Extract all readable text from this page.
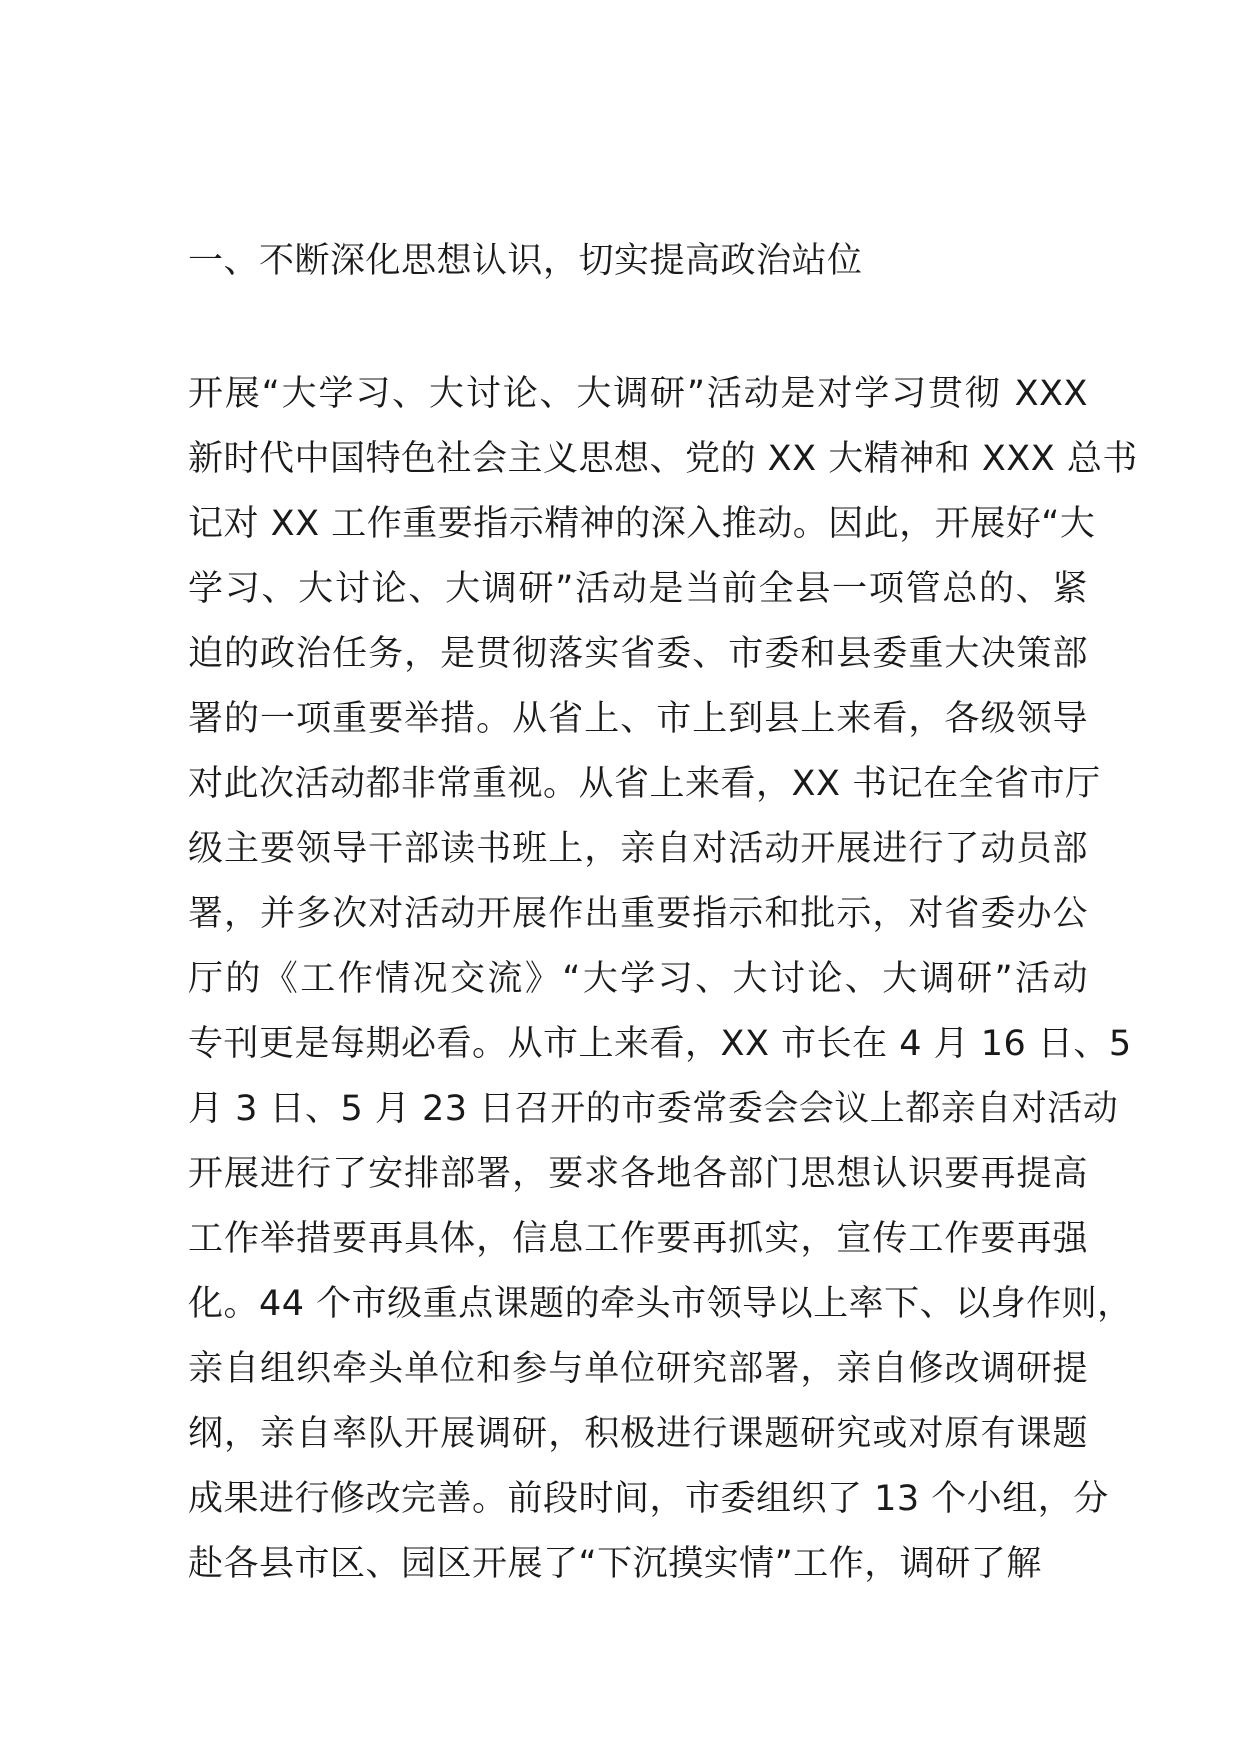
一、不断深化思想认识，切实提高政治站位
开展“大学习、大讨论、大调研”活动是对学习贯彻 XXX
新时代中国特色社会主义思想、党的 XX 大精神和 XXX 总书
记对 XX 工作重要指示精神的深入推动。因此，开展好“大
学习、大讨论、大调研”活动是当前全县一项管总的、紧
迫的政治任务，是贯彻落实省委、市委和县委重大决策部
署的一项重要举措。从省上、市上到县上来看，各级领导
对此次活动都非常重视。从省上来看，XX 书记在全省市厅
级主要领导干部读书班上，亲自对活动开展进行了动员部
署，并多次对活动开展作出重要指示和批示，对省委办公
厅的《工作情况交流》“大学习、大讨论、大调研”活动
专刊更是每期必看。从市上来看，XX 市长在 4 月 16 日、5
月 3 日、5 月 23 日召开的市委常委会会议上都亲自对活动
开展进行了安排部署，要求各地各部门思想认识要再提高
工作举措要再具体，信息工作要再抓实，宣传工作要再强
化。44 个市级重点课题的牵头市领导以上率下、以身作则，
亲自组织牵头单位和参与单位研究部署，亲自修改调研提
纲，亲自率队开展调研，积极进行课题研究或对原有课题
成果进行修改完善。前段时间，市委组织了 13 个小组，分
赴各县市区、园区开展了“下沉摸实情”工作，调研了解
